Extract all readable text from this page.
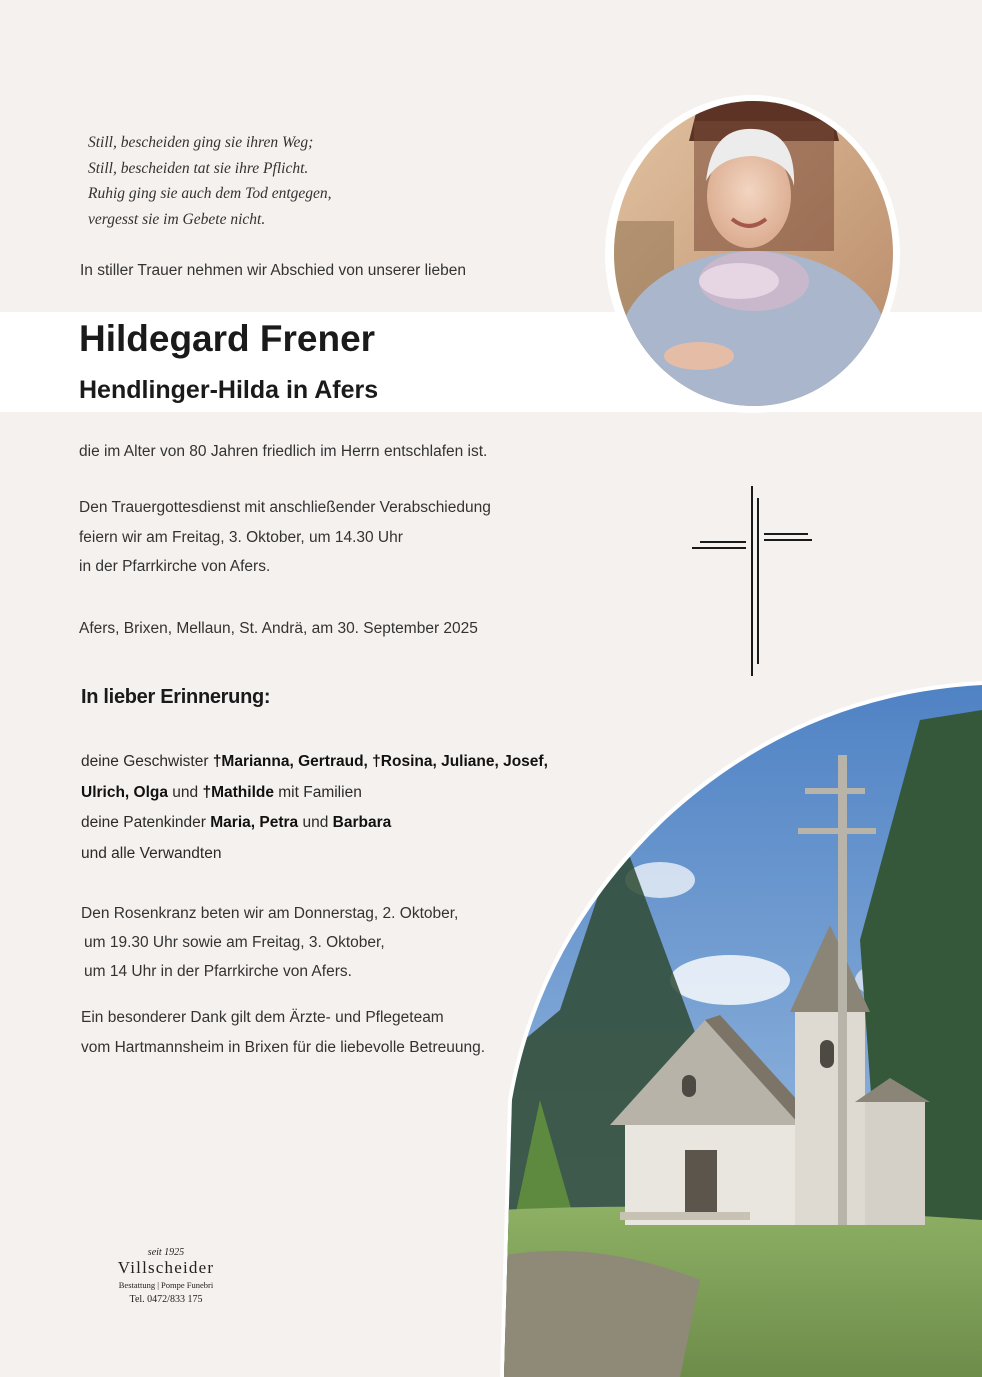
Still, bescheiden ging sie ihren Weg;
Still, bescheiden tat sie ihre Pflicht.
Ruhig ging sie auch dem Tod entgegen,
vergesst sie im Gebete nicht.
In stiller Trauer nehmen wir Abschied von unserer lieben
Hildegard Frener
Hendlinger-Hilda in Afers
die im Alter von 80 Jahren friedlich im Herrn entschlafen ist.
Den Trauergottesdienst mit anschließender Verabschiedung
feiern wir am Freitag, 3. Oktober, um 14.30 Uhr
in der Pfarrkirche von Afers.
Afers, Brixen, Mellaun, St. Andrä, am 30. September 2025
In lieber Erinnerung:
deine Geschwister †Marianna, Gertraud, †Rosina, Juliane, Josef,
Ulrich, Olga und †Mathilde mit Familien
deine Patenkinder Maria, Petra und Barbara
und alle Verwandten
Den Rosenkranz beten wir am Donnerstag, 2. Oktober,
um 19.30 Uhr sowie am Freitag, 3. Oktober,
um 14 Uhr in der Pfarrkirche von Afers.
Ein besonderer Dank gilt dem Ärzte- und Pflegeteam
vom Hartmannsheim in Brixen für die liebevolle Betreuung.
seit 1925
Villscheider
Bestattung | Pompe Funebri
Tel. 0472/833 175
